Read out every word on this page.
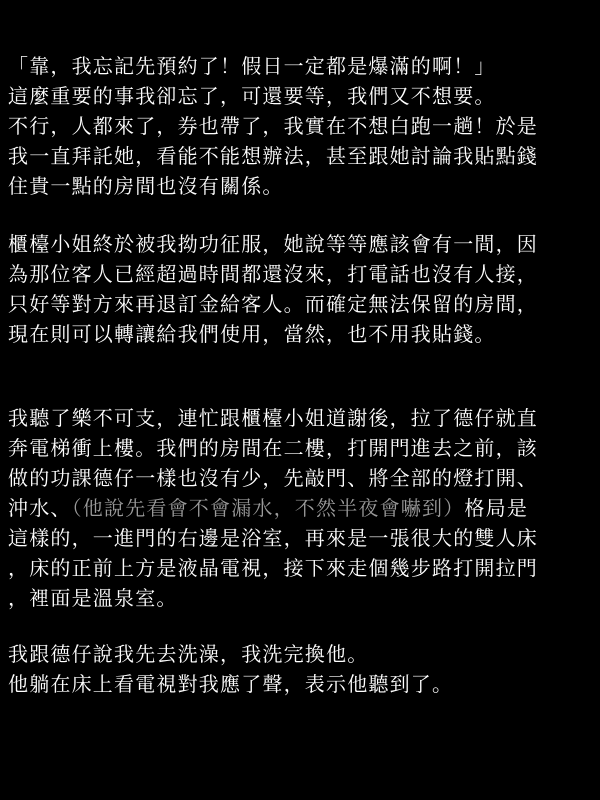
「靠，我忘記先預約了！假日一定都是爆滿的啊！」
這麼重要的事我卻忘了，可還要等，我們又不想要。
不行，人都來了，券也帶了，我實在不想白跑一趟！於是
我一直拜託她，看能不能想辦法，甚至跟她討論我貼點錢
住貴一點的房間也沒有關係。
櫃檯小姐終於被我拗功征服，她說等等應該會有一間，因
為那位客人已經超過時間都還沒來，打電話也沒有人接，
只好等對方來再退訂金給客人。而確定無法保留的房間，
現在則可以轉讓給我們使用，當然，也不用我貼錢。
我聽了樂不可支，連忙跟櫃檯小姐道謝後，拉了德仔就直
奔電梯衝上樓。我們的房間在二樓，打開門進去之前，該
做的功課德仔一樣也沒有少，先敲門、將全部的燈打開、
沖水、（他說先看會不會漏水，不然半夜會嚇到）格局是
這樣的，一進門的右邊是浴室，再來是一張很大的雙人床
，床的正前上方是液晶電視，接下來走個幾步路打開拉門
，裡面是溫泉室。
我跟德仔說我先去洗澡，我洗完換他。
他躺在床上看電視對我應了聲，表示他聽到了。
